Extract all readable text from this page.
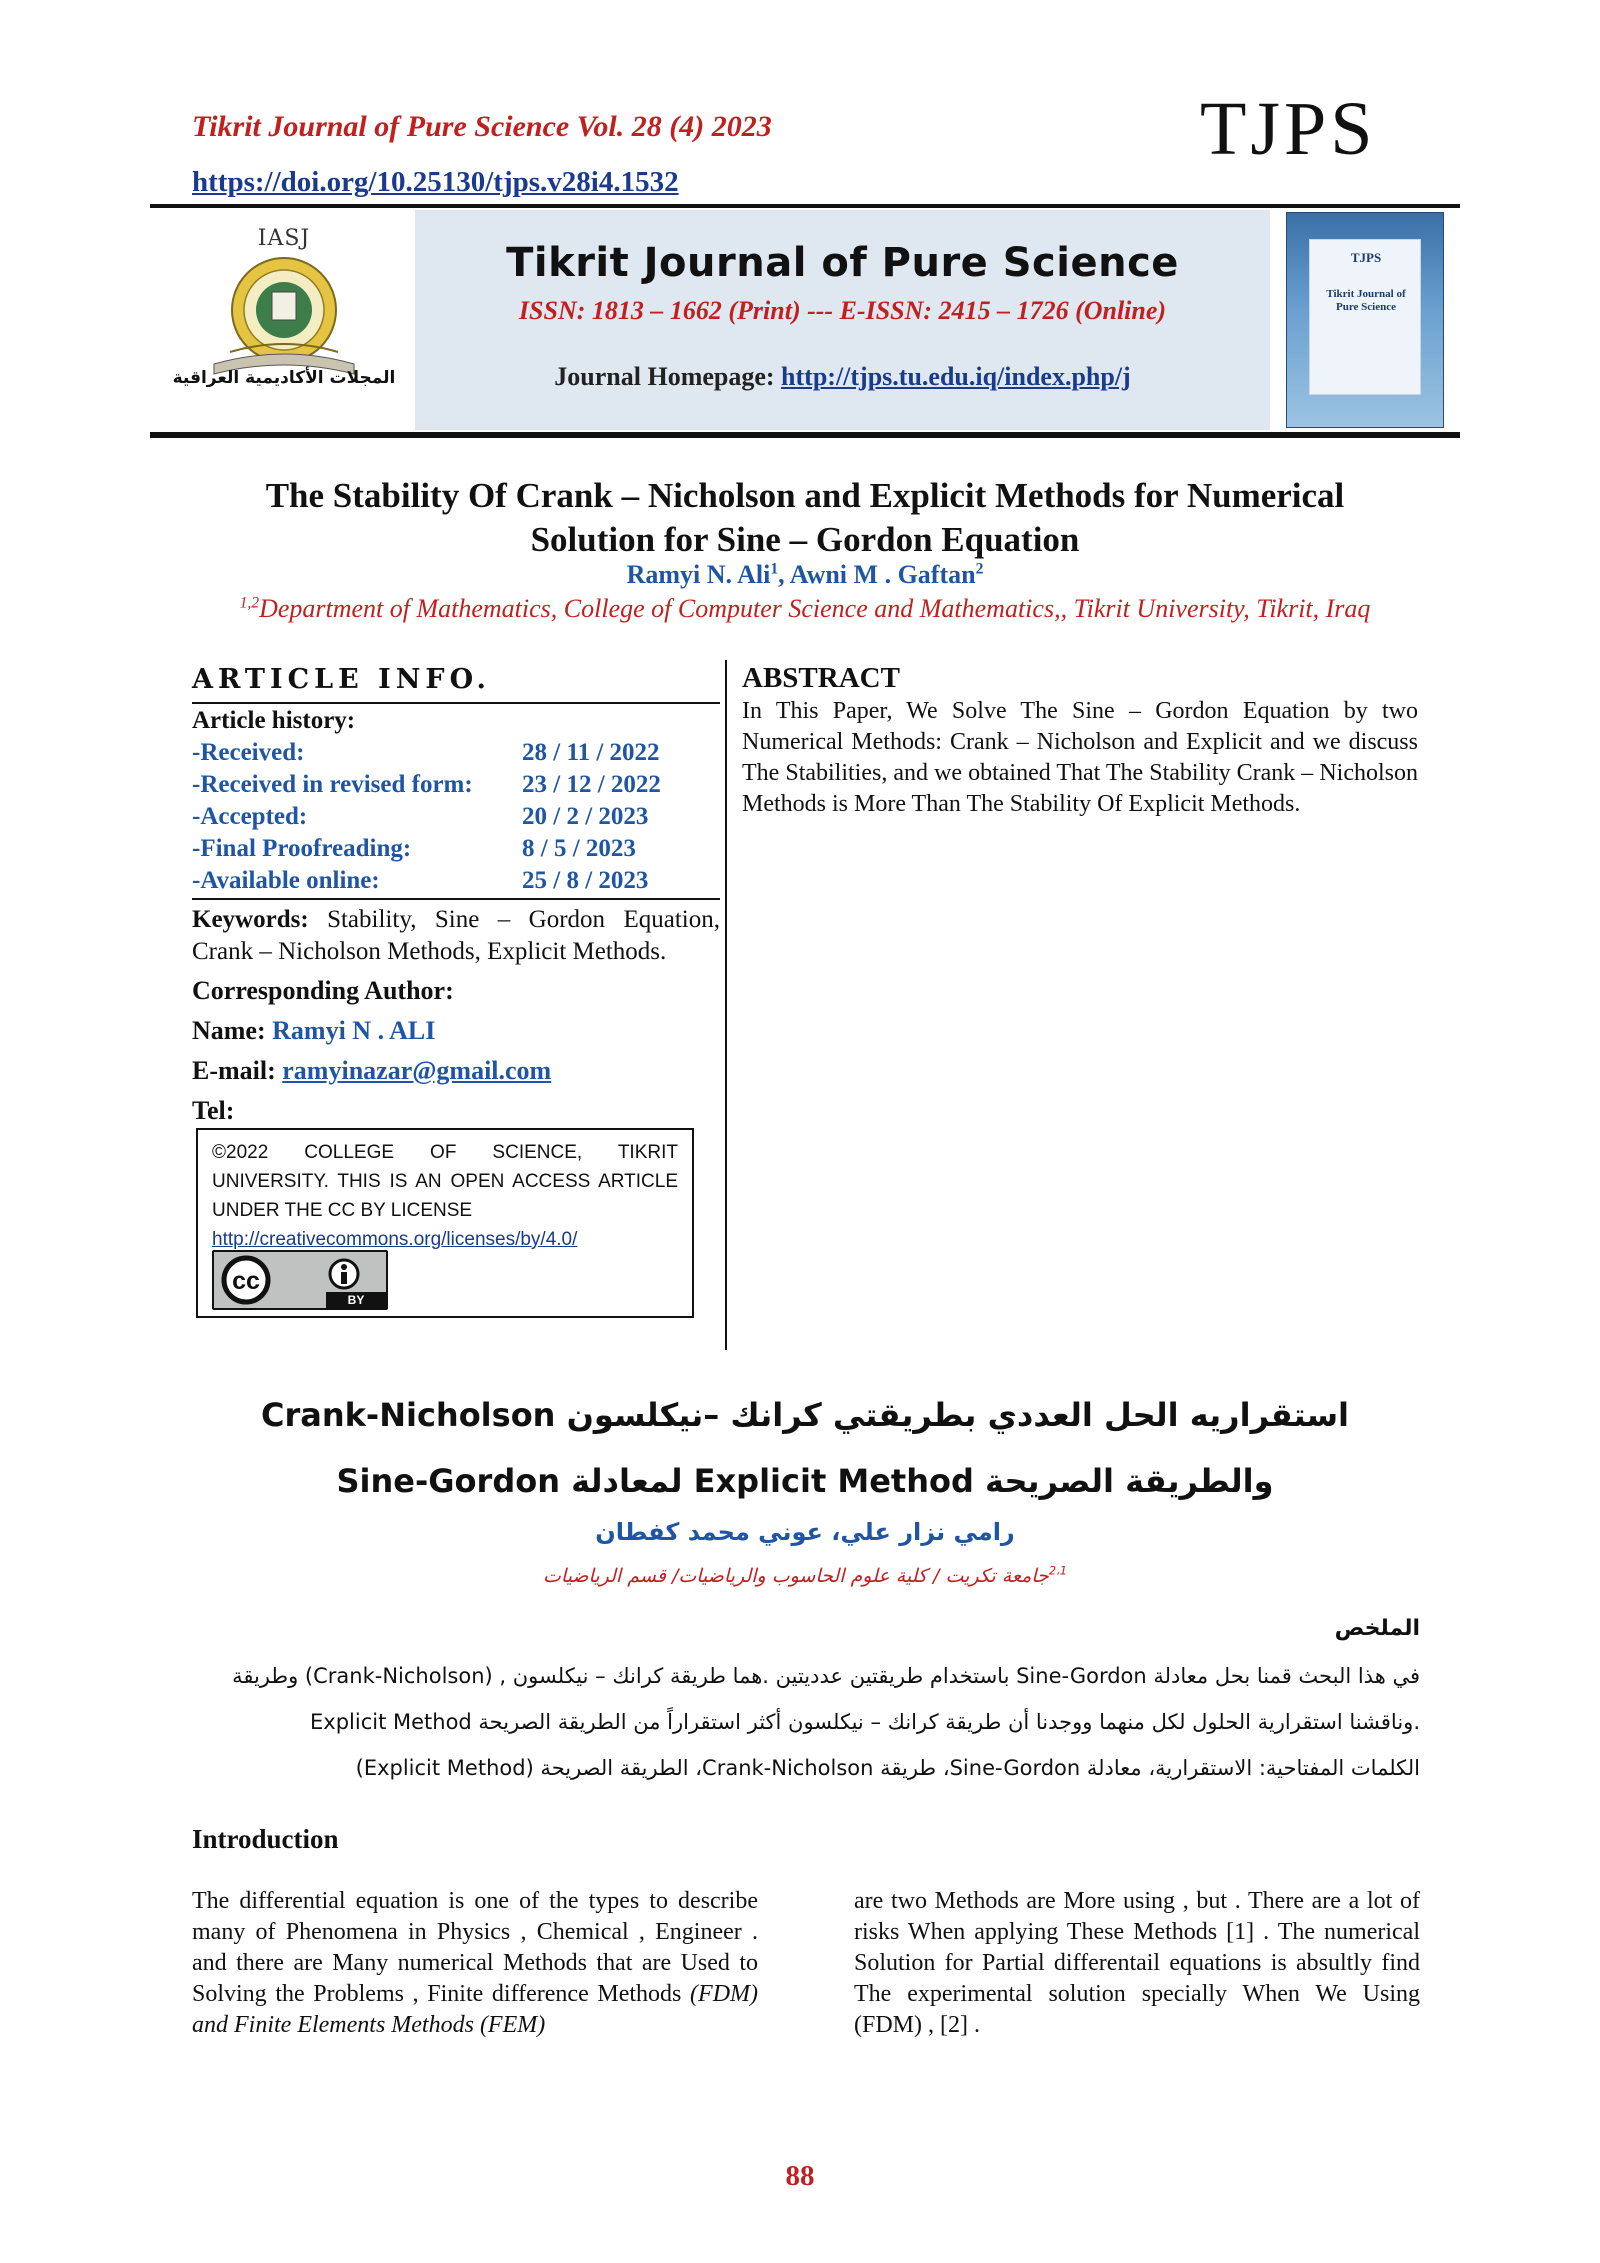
Tikrit Journal of Pure Science Vol. 28 (4) 2023
https://doi.org/10.25130/tjps.v28i4.1532
TJPS
IASJ
المجلات الأكاديمية العراقية
Tikrit Journal of Pure Science
ISSN: 1813 – 1662 (Print) --- E-ISSN: 2415 – 1726 (Online)
Journal Homepage: http://tjps.tu.edu.iq/index.php/j
TJPS
Tikrit Journal of Pure Science
The Stability Of Crank – Nicholson and Explicit Methods for Numerical
Solution for Sine – Gordon Equation
Ramyi N. Ali$^1$, Awni M . Gaftan$^2$
$^{1,2}$Department of Mathematics, College of Computer Science and Mathematics,, Tikrit University, Tikrit, Iraq
ARTICLE INFO.
Article history:
-Received:	28 / 11 / 2022
-Received in revised form: 23 / 12 / 2022
-Accepted:	20 / 2 / 2023
-Final Proofreading:	8 / 5 / 2023
-Available online:	25 / 8 / 2023
Keywords: Stability, Sine – Gordon Equation, Crank – Nicholson Methods, Explicit Methods.
Corresponding Author:
Name: Ramyi N . ALI
E-mail: ramyinazar@gmail.com
Tel:
©2022 COLLEGE OF SCIENCE, TIKRIT
UNIVERSITY. THIS IS AN OPEN ACCESS ARTICLE
UNDER THE CC BY LICENSE
http://creativecommons.org/licenses/by/4.0/
BY
cc
ABSTRACT
In This Paper, We Solve The Sine – Gordon Equation by two Numerical Methods: Crank – Nicholson and Explicit and we discuss The Stabilities, and we obtained That The Stability Crank – Nicholson Methods is More Than The Stability Of Explicit Methods.
استقراريه الحل العددي بطريقتي كرانك –نيكلسون Crank-Nicholson
والطريقة الصريحة Explicit Method لمعادلة Sine-Gordon
رامي نزار علي، عوني محمد كفطان
$^{2،1}$جامعة تكريت / كلية علوم الحاسوب والرياضيات/ قسم الرياضيات
الملخص
في هذا البحث قمنا بحل معادلة Sine-Gordon باستخدام طريقتين عدديتين .هما طريقة كرانك – نيكلسون , (Crank-Nicholson) وطريقة
Explicit Method وناقشنا استقرارية الحلول لكل منهما ووجدنا أن طريقة كرانك – نيكلسون أكثر استقراراً من الطريقة الصريحة.
الكلمات المفتاحية: الاستقرارية، معادلة Sine-Gordon، طريقة Crank-Nicholson، الطريقة الصريحة (Explicit Method)
Introduction
The differential equation is one of the types to describe many of Phenomena in Physics , Chemical , Engineer . and there are Many numerical Methods that are Used to Solving the Problems , Finite difference Methods (FDM) and Finite Elements Methods (FEM)
are two Methods are More using , but . There are a lot of risks When applying These Methods [1] . The numerical Solution for Partial differentail equations is absultly find The experimental solution specially When We Using (FDM) , [2] .
88
